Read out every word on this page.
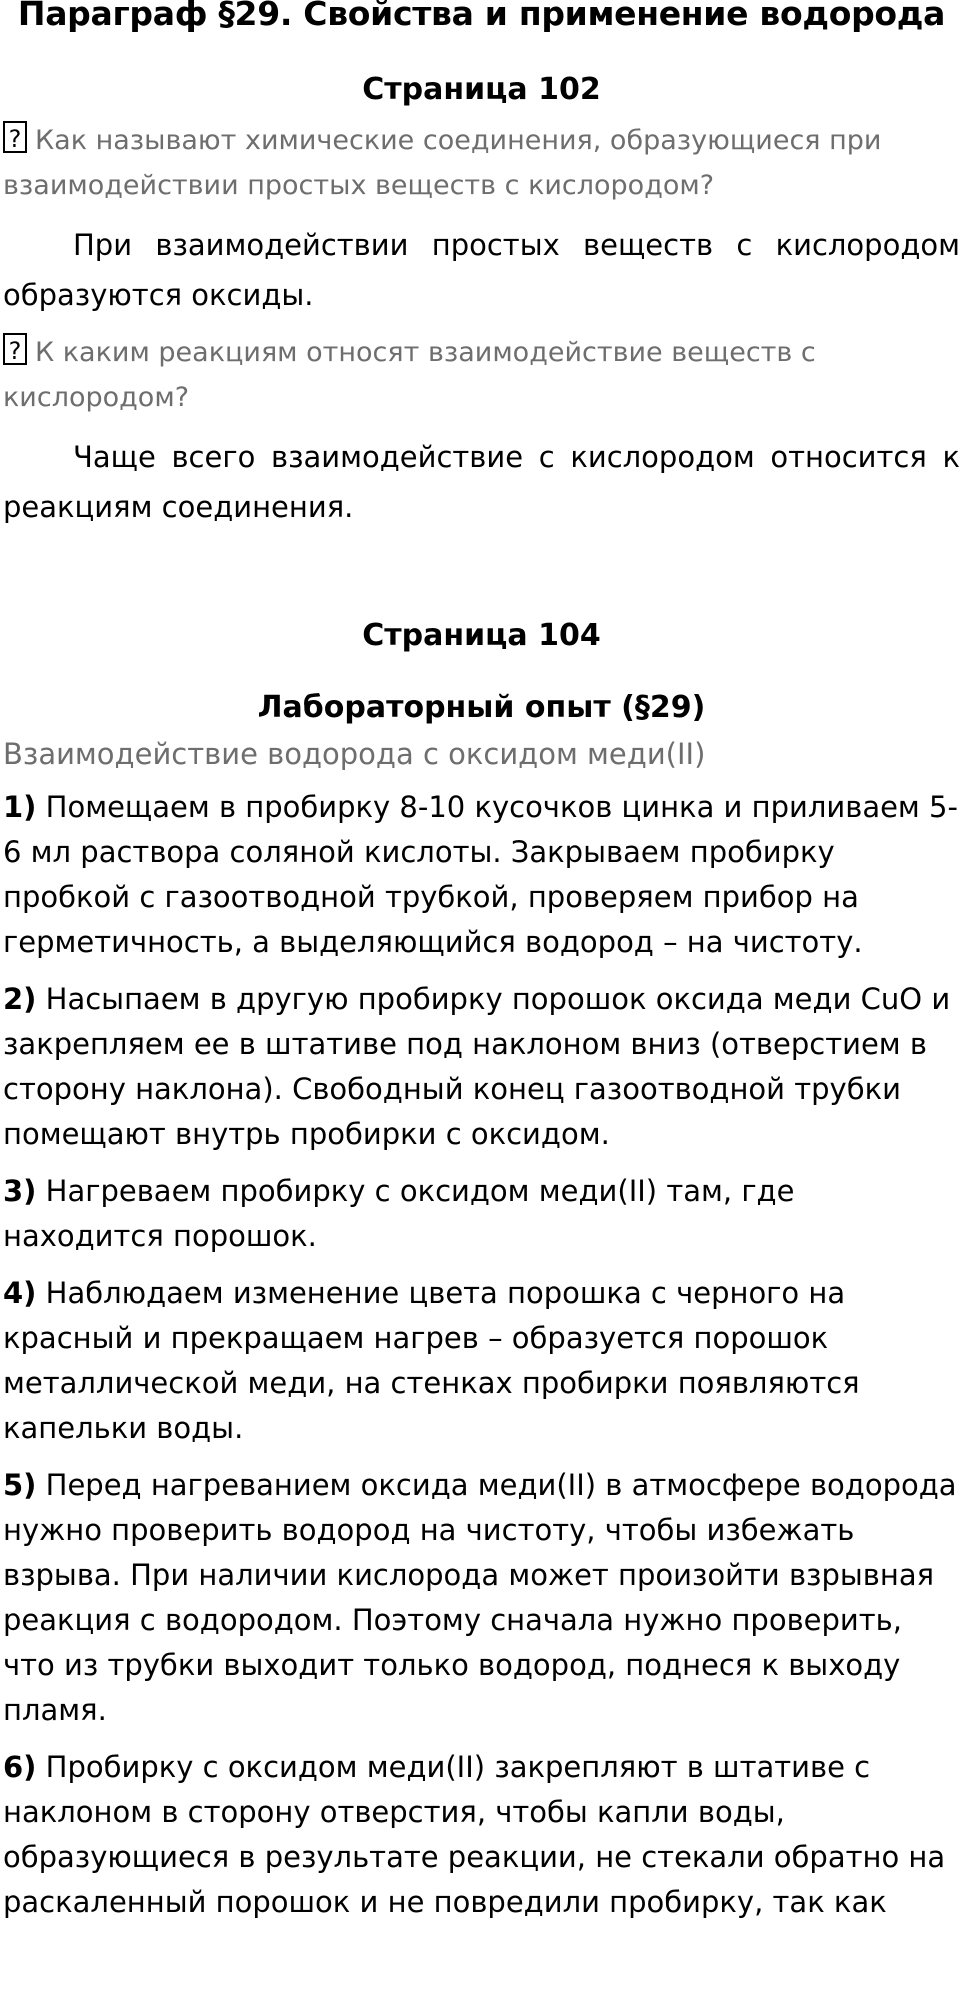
Параграф §29. Свойства и применение водорода
Страница 102

? Как называют химические соединения, образующиеся при взаимодействии простых веществ с кислородом?

При взаимодействии простых веществ с кислородом образуются оксиды.

? К каким реакциям относят взаимодействие веществ с кислородом?

Чаще всего взаимодействие с кислородом относится к реакциям соединения.

Страница 104
Лабораторный опыт (§29)

Взаимодействие водорода с оксидом меди(II)

1) Помещаем в пробирку 8-10 кусочков цинка и приливаем 5-6 мл раствора соляной кислоты. Закрываем пробирку пробкой с газоотводной трубкой, проверяем прибор на герметичность, а выделяющийся водород – на чистоту.

2) Насыпаем в другую пробирку порошок оксида меди CuO и закрепляем ее в штативе под наклоном вниз (отверстием в сторону наклона). Свободный конец газоотводной трубки помещают внутрь пробирки с оксидом.

3) Нагреваем пробирку с оксидом меди(II) там, где находится порошок.

4) Наблюдаем изменение цвета порошка с черного на красный и прекращаем нагрев – образуется порошок металлической меди, на стенках пробирки появляются капельки воды.

5) Перед нагреванием оксида меди(II) в атмосфере водорода нужно проверить водород на чистоту, чтобы избежать взрыва. При наличии кислорода может произойти взрывная реакция с водородом. Поэтому сначала нужно проверить, что из трубки выходит только водород, поднеся к выходу пламя.

6) Пробирку с оксидом меди(II) закрепляют в штативе с наклоном в сторону отверстия, чтобы капли воды, образующиеся в результате реакции, не стекали обратно на раскаленный порошок и не повредили пробирку, так как
